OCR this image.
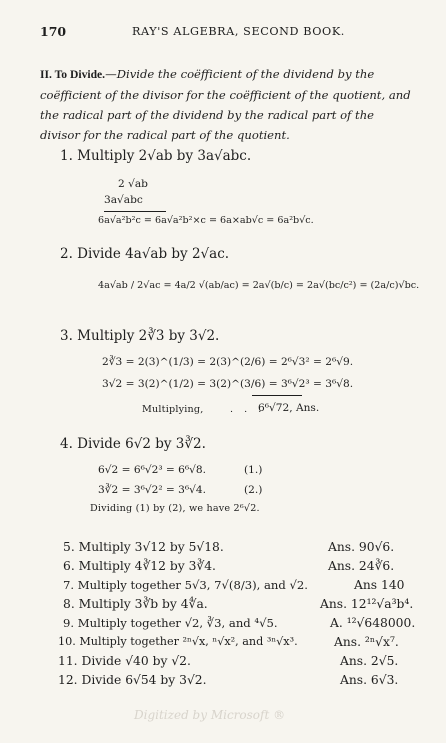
170	RAY'S ALGEBRA, SECOND BOOK.
II. To Divide.—Divide the coëfficient of the dividend by the coëfficient of the divisor for the coëfficient of the quotient, and the radical part of the dividend by the radical part of the divisor for the radical part of the quotient.
1. Multiply 2√ab by 3a√abc.
2 √ab
3a√abc
6a√a²b²c = 6a√a²b²×c = 6a×ab√c = 6a²b√c.
2. Divide 4a√ab by 2√ac.
4a√ab / 2√ac = 4a/2 √(ab/ac) = 2a√(b/c) = 2a√(bc/c²) = (2a/c)√bc.
3. Multiply 2∛3 by 3√2.
2∛3 = 2(3)^(1/3) = 2(3)^(2/6) = 2⁶√3² = 2⁶√9.
3√2 = 3(2)^(1/2) = 3(2)^(3/6) = 3⁶√2³ = 3⁶√8.
Multiplying,	. . .
6⁶√72, Ans.
4. Divide 6√2 by 3∛2.
6√2 = 6⁶√2³ = 6⁶√8.	(1.)
3∛2 = 3⁶√2² = 3⁶√4.	(2.)
Dividing (1) by (2), we have 2⁶√2.
5. Multiply 3√12 by 5√18.	Ans. 90√6.
6. Multiply 4∛12 by 3∛4.	Ans. 24∛6.
7. Multiply together 5√3, 7√(8/3), and √2.	Ans 140
8. Multiply 3∛b by 4∜a.	Ans. 12¹²√a³b⁴.
9. Multiply together √2, ∛3, and ⁴√5.	A. ¹²√648000.
10. Multiply together ²ⁿ√x, ⁿ√x², and ³ⁿ√x³.	Ans. ²ⁿ√x⁷.
11. Divide √40 by √2.	Ans. 2√5.
12. Divide 6√54 by 3√2.	Ans. 6√3.
Digitized by Microsoft ®
